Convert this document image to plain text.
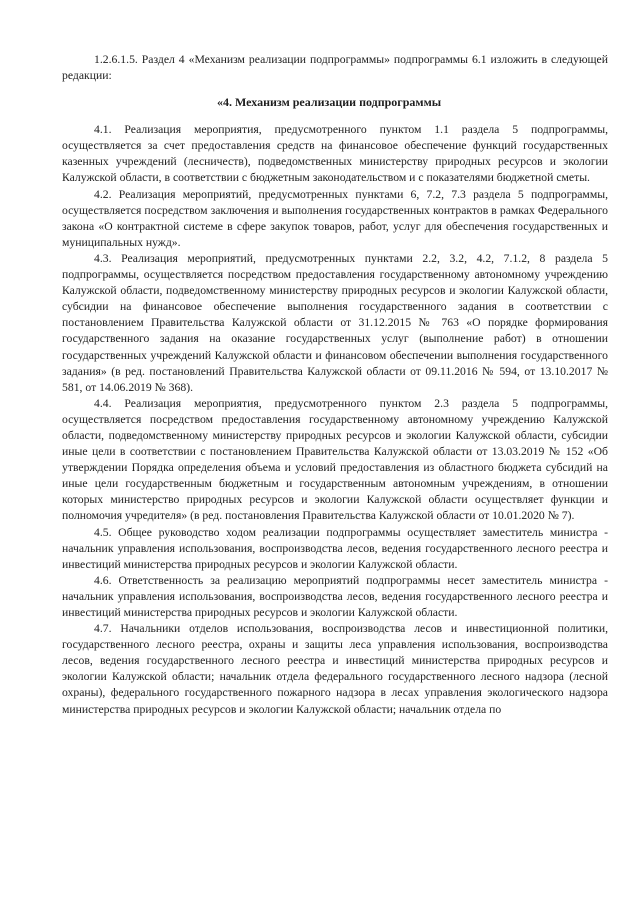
1.2.6.1.5. Раздел 4 «Механизм реализации подпрограммы» подпрограммы 6.1 изложить в следующей редакции:

«4. Механизм реализации подпрограммы

4.1. Реализация мероприятия, предусмотренного пунктом 1.1 раздела 5 подпрограммы, осуществляется за счет предоставления средств на финансовое обеспечение функций государственных казенных учреждений (лесничеств), подведомственных министерству природных ресурсов и экологии Калужской области, в соответствии с бюджетным законодательством и с показателями бюджетной сметы.

4.2. Реализация мероприятий, предусмотренных пунктами 6, 7.2, 7.3 раздела 5 подпрограммы, осуществляется посредством заключения и выполнения государственных контрактов в рамках Федерального закона «О контрактной системе в сфере закупок товаров, работ, услуг для обеспечения государственных и муниципальных нужд».

4.3. Реализация мероприятий, предусмотренных пунктами 2.2, 3.2, 4.2, 7.1.2, 8 раздела 5 подпрограммы, осуществляется посредством предоставления государственному автономному учреждению Калужской области, подведомственному министерству природных ресурсов и экологии Калужской области, субсидии на финансовое обеспечение выполнения государственного задания в соответствии с постановлением Правительства Калужской области от 31.12.2015 № 763 «О порядке формирования государственного задания на оказание государственных услуг (выполнение работ) в отношении государственных учреждений Калужской области и финансовом обеспечении выполнения государственного задания» (в ред. постановлений Правительства Калужской области от 09.11.2016 № 594, от 13.10.2017 № 581, от 14.06.2019 № 368).

4.4. Реализация мероприятия, предусмотренного пунктом 2.3 раздела 5 подпрограммы, осуществляется посредством предоставления государственному автономному учреждению Калужской области, подведомственному министерству природных ресурсов и экологии Калужской области, субсидии иные цели в соответствии с постановлением Правительства Калужской области от 13.03.2019 № 152 «Об утверждении Порядка определения объема и условий предоставления из областного бюджета субсидий на иные цели государственным бюджетным и государственным автономным учреждениям, в отношении которых министерство природных ресурсов и экологии Калужской области осуществляет функции и полномочия учредителя» (в ред. постановления Правительства Калужской области от 10.01.2020 № 7).

4.5. Общее руководство ходом реализации подпрограммы осуществляет заместитель министра - начальник управления использования, воспроизводства лесов, ведения государственного лесного реестра и инвестиций министерства природных ресурсов и экологии Калужской области.

4.6. Ответственность за реализацию мероприятий подпрограммы несет заместитель министра - начальник управления использования, воспроизводства лесов, ведения государственного лесного реестра и инвестиций министерства природных ресурсов и экологии Калужской области.

4.7. Начальники отделов использования, воспроизводства лесов и инвестиционной политики, государственного лесного реестра, охраны и защиты леса управления использования, воспроизводства лесов, ведения государственного лесного реестра и инвестиций министерства природных ресурсов и экологии Калужской области; начальник отдела федерального государственного лесного надзора (лесной охраны), федерального государственного пожарного надзора в лесах управления экологического надзора министерства природных ресурсов и экологии Калужской области; начальник отдела по
